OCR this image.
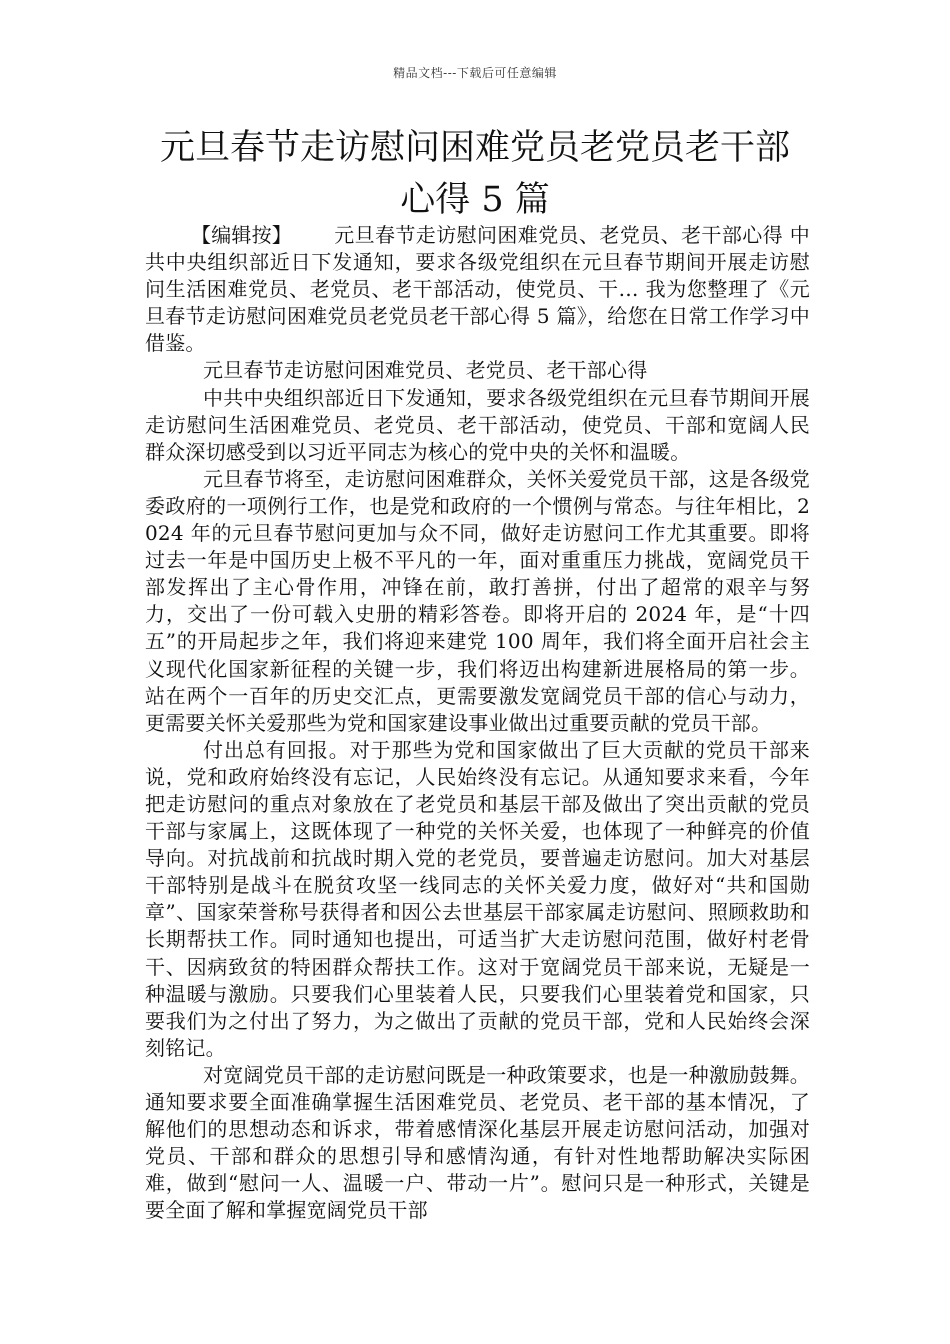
精品文档---下载后可任意编辑
元旦春节走访慰问困难党员老党员老干部
心得 5 篇

【编辑按】 元旦春节走访慰问困难党员、老党员、老干部心得 中共中央组织部近日下发通知，要求各级党组织在元旦春节期间开展走访慰问生活困难党员、老党员、老干部活动，使党员、干… 我为您整理了《元旦春节走访慰问困难党员老党员老干部心得 5 篇》，给您在日常工作学习中借鉴。

元旦春节走访慰问困难党员、老党员、老干部心得

中共中央组织部近日下发通知，要求各级党组织在元旦春节期间开展走访慰问生活困难党员、老党员、老干部活动，使党员、干部和宽阔人民群众深切感受到以习近平同志为核心的党中央的关怀和温暖。

元旦春节将至，走访慰问困难群众，关怀关爱党员干部，这是各级党委政府的一项例行工作，也是党和政府的一个惯例与常态。与往年相比，2024 年的元旦春节慰问更加与众不同，做好走访慰问工作尤其重要。即将过去一年是中国历史上极不平凡的一年，面对重重压力挑战，宽阔党员干部发挥出了主心骨作用，冲锋在前，敢打善拼，付出了超常的艰辛与努力，交出了一份可载入史册的精彩答卷。即将开启的 2024 年，是“十四五”的开局起步之年，我们将迎来建党 100 周年，我们将全面开启社会主义现代化国家新征程的关键一步，我们将迈出构建新进展格局的第一步。站在两个一百年的历史交汇点，更需要激发宽阔党员干部的信心与动力，更需要关怀关爱那些为党和国家建设事业做出过重要贡献的党员干部。

付出总有回报。对于那些为党和国家做出了巨大贡献的党员干部来说，党和政府始终没有忘记，人民始终没有忘记。从通知要求来看，今年把走访慰问的重点对象放在了老党员和基层干部及做出了突出贡献的党员干部与家属上，这既体现了一种党的关怀关爱，也体现了一种鲜亮的价值导向。对抗战前和抗战时期入党的老党员，要普遍走访慰问。加大对基层干部特别是战斗在脱贫攻坚一线同志的关怀关爱力度，做好对“共和国勋章”、国家荣誉称号获得者和因公去世基层干部家属走访慰问、照顾救助和长期帮扶工作。同时通知也提出，可适当扩大走访慰问范围，做好村老骨干、因病致贫的特困群众帮扶工作。这对于宽阔党员干部来说，无疑是一种温暖与激励。只要我们心里装着人民，只要我们心里装着党和国家，只要我们为之付出了努力，为之做出了贡献的党员干部，党和人民始终会深刻铭记。

对宽阔党员干部的走访慰问既是一种政策要求，也是一种激励鼓舞。通知要求要全面准确掌握生活困难党员、老党员、老干部的基本情况，了解他们的思想动态和诉求，带着感情深化基层开展走访慰问活动，加强对党员、干部和群众的思想引导和感情沟通，有针对性地帮助解决实际困难，做到“慰问一人、温暖一户、带动一片”。慰问只是一种形式，关键是要全面了解和掌握宽阔党员干部
